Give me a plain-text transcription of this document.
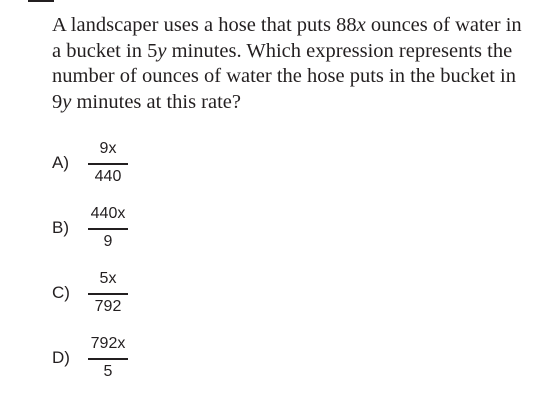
A landscaper uses a hose that puts 88x ounces of water in a bucket in 5y minutes. Which expression represents the number of ounces of water the hose puts in the bucket in 9y minutes at this rate?
A)
9x
440
B)
440x
9
C)
5x
792
D)
792x
5
